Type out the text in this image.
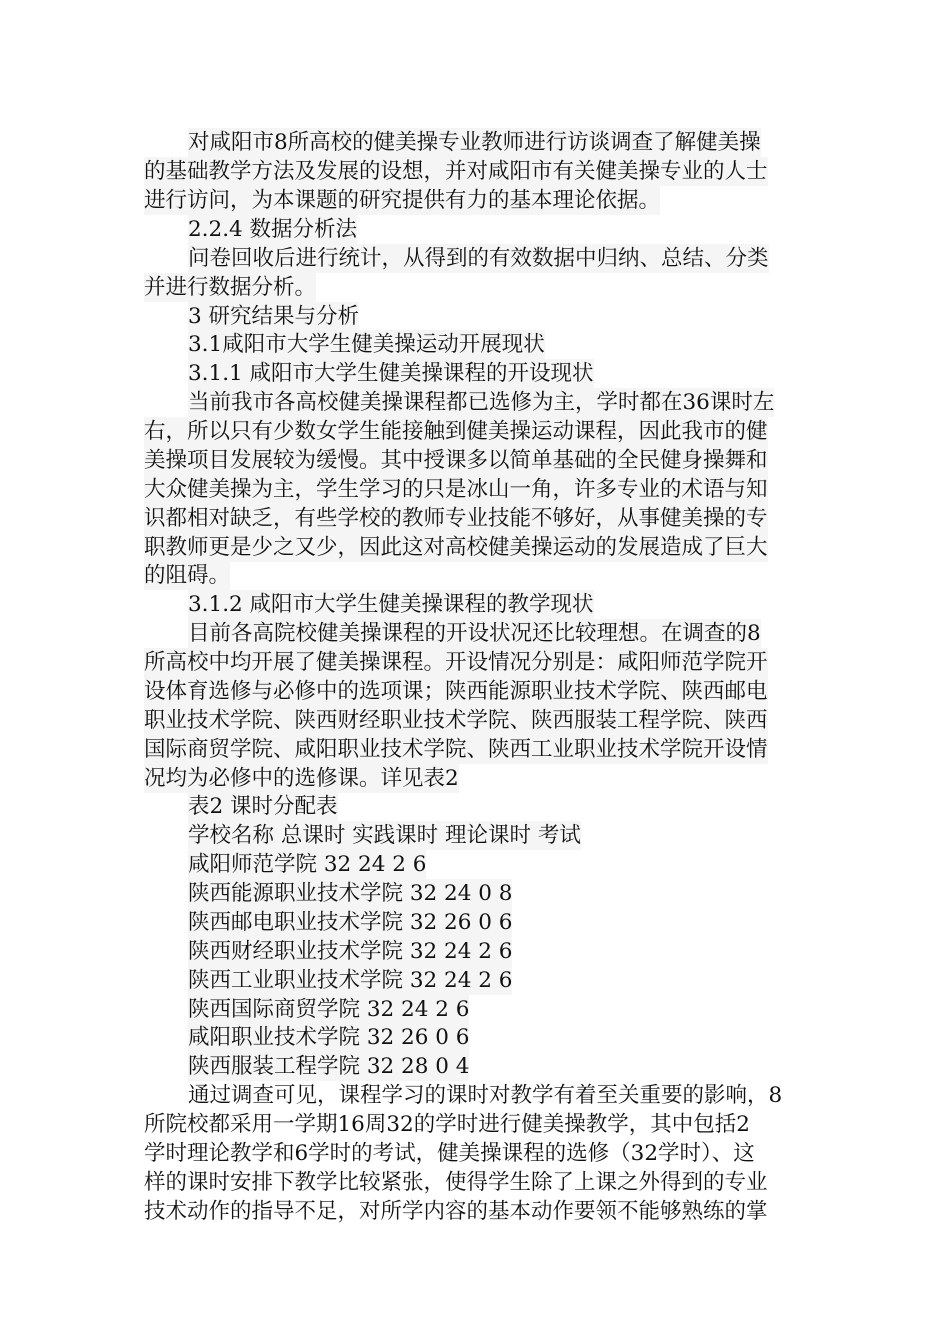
对咸阳市8所高校的健美操专业教师进行访谈调查了解健美操
的基础教学方法及发展的设想，并对咸阳市有关健美操专业的人士
进行访问，为本课题的研究提供有力的基本理论依据。
2.2.4 数据分析法
问卷回收后进行统计，从得到的有效数据中归纳、总结、分类
并进行数据分析。
3 研究结果与分析
3.1咸阳市大学生健美操运动开展现状
3.1.1 咸阳市大学生健美操课程的开设现状
当前我市各高校健美操课程都已选修为主，学时都在36课时左
右，所以只有少数女学生能接触到健美操运动课程，因此我市的健
美操项目发展较为缓慢。其中授课多以简单基础的全民健身操舞和
大众健美操为主，学生学习的只是冰山一角，许多专业的术语与知
识都相对缺乏，有些学校的教师专业技能不够好，从事健美操的专
职教师更是少之又少，因此这对高校健美操运动的发展造成了巨大
的阻碍。
3.1.2 咸阳市大学生健美操课程的教学现状
目前各高院校健美操课程的开设状况还比较理想。在调查的8
所高校中均开展了健美操课程。开设情况分别是：咸阳师范学院开
设体育选修与必修中的选项课；陕西能源职业技术学院、陕西邮电
职业技术学院、陕西财经职业技术学院、陕西服装工程学院、陕西
国际商贸学院、咸阳职业技术学院、陕西工业职业技术学院开设情
况均为必修中的选修课。详见表2
表2 课时分配表
学校名称 总课时 实践课时 理论课时 考试
咸阳师范学院 32 24 2 6
陕西能源职业技术学院 32 24 0 8
陕西邮电职业技术学院 32 26 0 6
陕西财经职业技术学院 32 24 2 6
陕西工业职业技术学院 32 24 2 6
陕西国际商贸学院 32 24 2 6
咸阳职业技术学院 32 26 0 6
陕西服装工程学院 32 28 0 4
通过调查可见，课程学习的课时对教学有着至关重要的影响，8
所院校都采用一学期16周32的学时进行健美操教学，其中包括2
学时理论教学和6学时的考试，健美操课程的选修（32学时）、这
样的课时安排下教学比较紧张，使得学生除了上课之外得到的专业
技术动作的指导不足，对所学内容的基本动作要领不能够熟练的掌
